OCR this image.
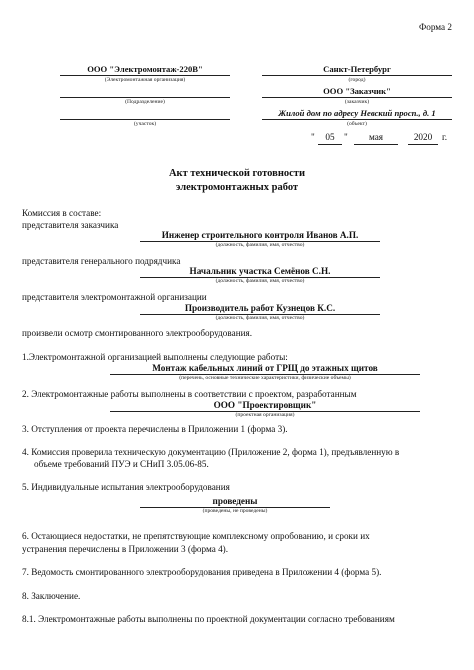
Форма 2
ООО "Электромонтаж-220В"
(Электромонтажная организация)
(Подразделение)
(участок)
Санкт-Петербург
(город)
ООО "Заказчик"
(заказчик)
Жилой дом по адресу Невский просп., д. 1
(объект)
"	05	"	мая	2020	г.
Акт технической готовности
электромонтажных работ
Комиссия в составе:
представителя заказчика
Инженер строительного контроля Иванов А.П.
(должность, фамилия, имя, отчество)
представителя генерального подрядчика
Начальник участка Семёнов С.Н.
(должность, фамилия, имя, отчество)
представителя электромонтажной организации
Производитель работ Кузнецов К.С.
(должность, фамилия, имя, отчество)
произвели осмотр смонтированного электрооборудования.
1.Электромонтажной организацией выполнены следующие работы:
Монтаж кабельных линий от ГРЩ до этажных щитов
(перечень, основные технические характеристики, физические объемы)
2. Электромонтажные работы выполнены в соответствии с проектом, разработанным
ООО "Проектировщик"
(проектная организация)
3. Отступления от проекта перечислены в Приложении 1 (форма 3).
4. Комиссия проверила техническую документацию (Приложение 2, форма 1), предъявленную в
объеме требований ПУЭ и СНиП 3.05.06-85.
5. Индивидуальные испытания электрооборудования
проведены
(проведены, не проведены)
6. Остающиеся недостатки, не препятствующие комплексному опробованию, и сроки их
устранения перечислены в Приложении 3 (форма 4).
7. Ведомость смонтированного электрооборудования приведена в Приложении 4 (форма 5).
8. Заключение.
8.1. Электромонтажные работы выполнены по проектной документации согласно требованиям
